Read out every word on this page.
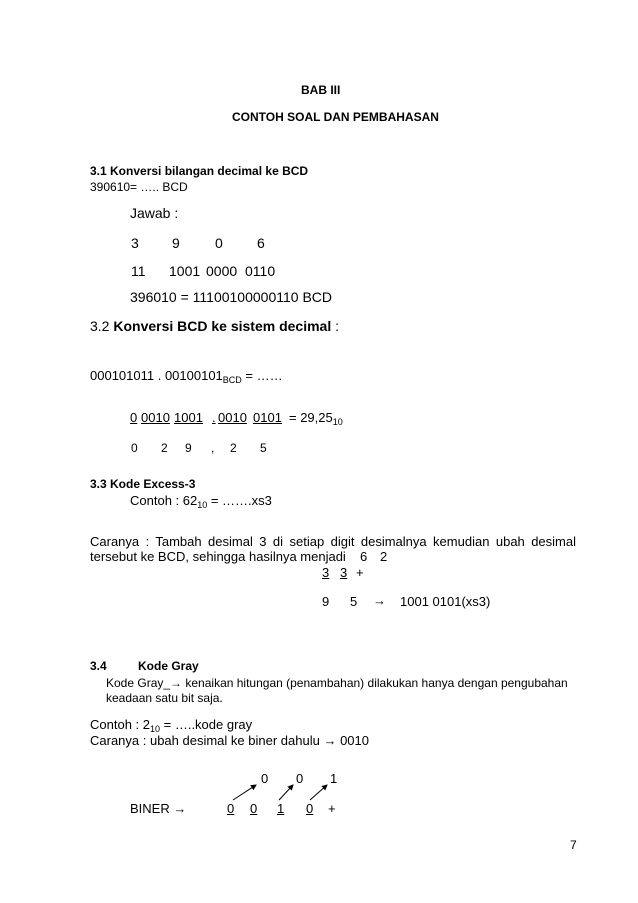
BAB III
CONTOH SOAL DAN PEMBAHASAN
3.1 Konversi bilangan decimal ke BCD
390610= ….. BCD
Jawab :
3 9	0 6
11 1001 0000 0110
396010 = 11100100000110 BCD
3.2 Konversi BCD ke sistem decimal :
000101011 . $00100101_{BCD}$ = ……
0 0010 1001 . 0010 $0101 = 29,25_{10}$
0 2 9 , 2 5
3.3 Kode Excess-3
Contoh : $62_{10}$ = …….xs3
Caranya : Tambah desimal 3 di setiap digit desimalnya kemudian ubah desimal
tersebut ke BCD, sehingga hasilnya menjadi 6 2
3 3 +
9 5 → 1001 0101(xs3)
3.4	Kode Gray
Kode Gray_→ kenaikan hitungan (penambahan) dilakukan hanya dengan pengubahan
keadaan satu bit saja.
Contoh : $2_{10}$ = …..kode gray
Caranya : ubah desimal ke biner dahulu → 0010
0 0 1
BINER →	0 0 1 0 +
7
